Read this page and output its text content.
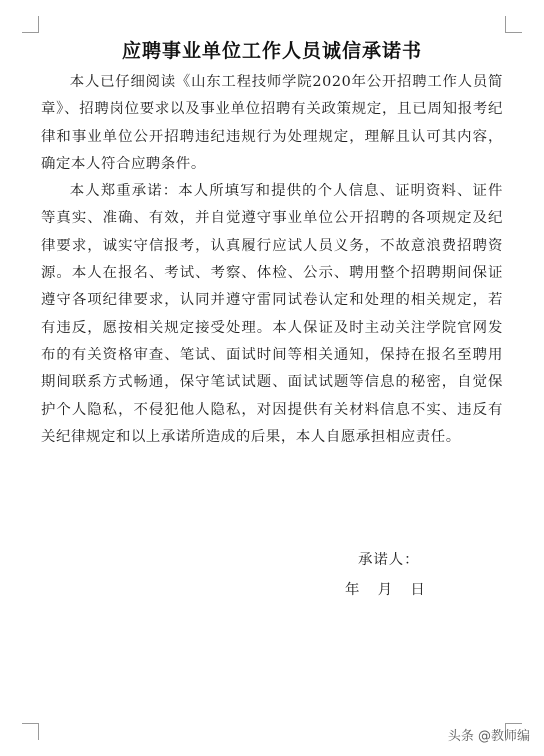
应聘事业单位工作人员诚信承诺书

本人已仔细阅读《山东工程技师学院2020年公开招聘工作人员简章》、招聘岗位要求以及事业单位招聘有关政策规定，且已周知报考纪律和事业单位公开招聘违纪违规行为处理规定，理解且认可其内容，确定本人符合应聘条件。

本人郑重承诺：本人所填写和提供的个人信息、证明资料、证件等真实、准确、有效，并自觉遵守事业单位公开招聘的各项规定及纪律要求，诚实守信报考，认真履行应试人员义务，不故意浪费招聘资源。本人在报名、考试、考察、体检、公示、聘用整个招聘期间保证遵守各项纪律要求，认同并遵守雷同试卷认定和处理的相关规定，若有违反，愿按相关规定接受处理。本人保证及时主动关注学院官网发布的有关资格审查、笔试、面试时间等相关通知，保持在报名至聘用期间联系方式畅通，保守笔试试题、面试试题等信息的秘密，自觉保护个人隐私，不侵犯他人隐私，对因提供有关材料信息不实、违反有关纪律规定和以上承诺所造成的后果，本人自愿承担相应责任。

承诺人：
年    月    日
头条 @教师编
